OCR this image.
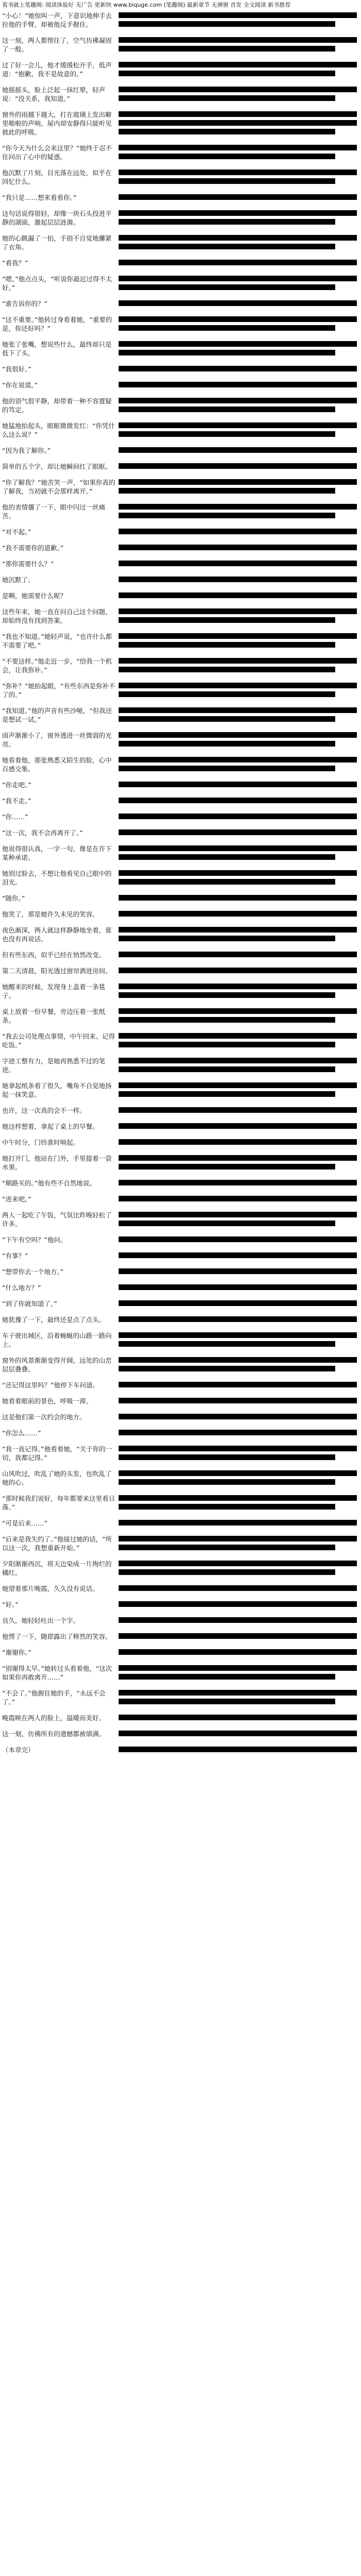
看书就上笔趣阁: 阅读体验好 无广告 更新快 www.biquge.com (笔趣阁) 最新章节 无弹窗 首发 全文阅读 新书推荐

“小心！”她惊叫一声，下意识地伸手去拉他的手臂，却被他反手握住。

这一刻，两人都愣住了，空气仿佛凝固了一般。

过了好一会儿，他才缓缓松开手，低声道：“抱歉，我不是故意的。”

她摇摇头，脸上泛起一抹红晕，轻声说：“没关系，我知道。”

窗外的雨越下越大，打在玻璃上发出噼里啪啦的声响，屋内却安静得只能听见彼此的呼吸。

“你今天为什么会来这里？”她终于忍不住问出了心中的疑惑。

他沉默了片刻，目光落在远处，似乎在回忆什么。

“我只是……想来看看你。”

这句话说得很轻，却像一块石头投进平静的湖面，激起层层涟漪。

她的心跳漏了一拍，手指不自觉地攥紧了衣角。

“看我？”

“嗯。”他点点头，“听说你最近过得不太好。”

“谁告诉你的？”

“这不重要。”他转过身看着她，“重要的是，你还好吗？”

她张了张嘴，想说些什么，最终却只是低下了头。

“我很好。”

“你在说谎。”

他的语气很平静，却带着一种不容置疑的笃定。

她猛地抬起头，眼眶微微发红：“你凭什么这么说？”

“因为我了解你。”

简单的五个字，却让她瞬间红了眼眶。

“你了解我？”她苦笑一声，“如果你真的了解我，当初就不会那样离开。”

他的表情僵了一下，眼中闪过一丝痛苦。

“对不起。”

“我不需要你的道歉。”

“那你需要什么？”

她沉默了。

是啊，她需要什么呢？

这些年来，她一直在问自己这个问题，却始终没有找到答案。

“我也不知道。”她轻声说，“也许什么都不需要了吧。”

“不要这样。”他走近一步，“给我一个机会，让我弥补。”

“弥补？”她抬起眼，“有些东西是弥补不了的。”

“我知道。”他的声音有些沙哑，“但我还是想试一试。”

雨声渐渐小了，窗外透进一丝微弱的光亮。

她看着他，那张熟悉又陌生的脸，心中百感交集。

“你走吧。”

“我不走。”

“你……”

“这一次，我不会再离开了。”

他说得很认真，一字一句，像是在许下某种承诺。

她别过脸去，不想让他看见自己眼中的泪光。

“随你。”

他笑了，那是她许久未见的笑容。

夜色渐深，两人就这样静静地坐着，谁也没有再说话。

但有些东西，似乎已经在悄然改变。

第二天清晨，阳光透过窗帘洒进房间。

她醒来的时候，发现身上盖着一条毯子。

桌上放着一份早餐，旁边压着一张纸条。

“我去公司处理点事情，中午回来。记得吃饭。”

字迹工整有力，是她再熟悉不过的笔迹。

她拿起纸条看了很久，嘴角不自觉地扬起一抹笑意。

也许，这一次真的会不一样。

她这样想着，拿起了桌上的早餐。

中午时分，门铃准时响起。

她打开门，他站在门外，手里提着一袋水果。

“顺路买的。”他有些不自然地说。

“进来吧。”

两人一起吃了午饭，气氛比昨晚轻松了许多。

“下午有空吗？”他问。

“有事？”

“想带你去一个地方。”

“什么地方？”

“到了你就知道了。”

她犹豫了一下，最终还是点了点头。

车子驶出城区，沿着蜿蜒的山路一路向上。

窗外的风景渐渐变得开阔，远处的山峦层层叠叠。

“还记得这里吗？”他停下车问道。

她看着眼前的景色，呼吸一滞。

这是他们第一次约会的地方。

“你怎么……”

“我一直记得。”他看着她，“关于你的一切，我都记得。”

山风吹过，吹乱了她的头发，也吹乱了她的心。

“那时候我们说好，每年都要来这里看日落。”

“可是后来……”

“后来是我失约了。”他接过她的话，“所以这一次，我想重新开始。”

夕阳渐渐西沉，将天边染成一片绚烂的橘红。

她望着那片晚霞，久久没有说话。

“好。”

良久，她轻轻吐出一个字。

他愣了一下，随即露出了释然的笑容。

“谢谢你。”

“别谢得太早。”她转过头看着他，“这次如果你再敢离开……”

“不会了。”他握住她的手，“永远不会了。”

晚霞映在两人的脸上，温暖而美好。

这一刻，仿佛所有的遗憾都被填满。

（本章完）
